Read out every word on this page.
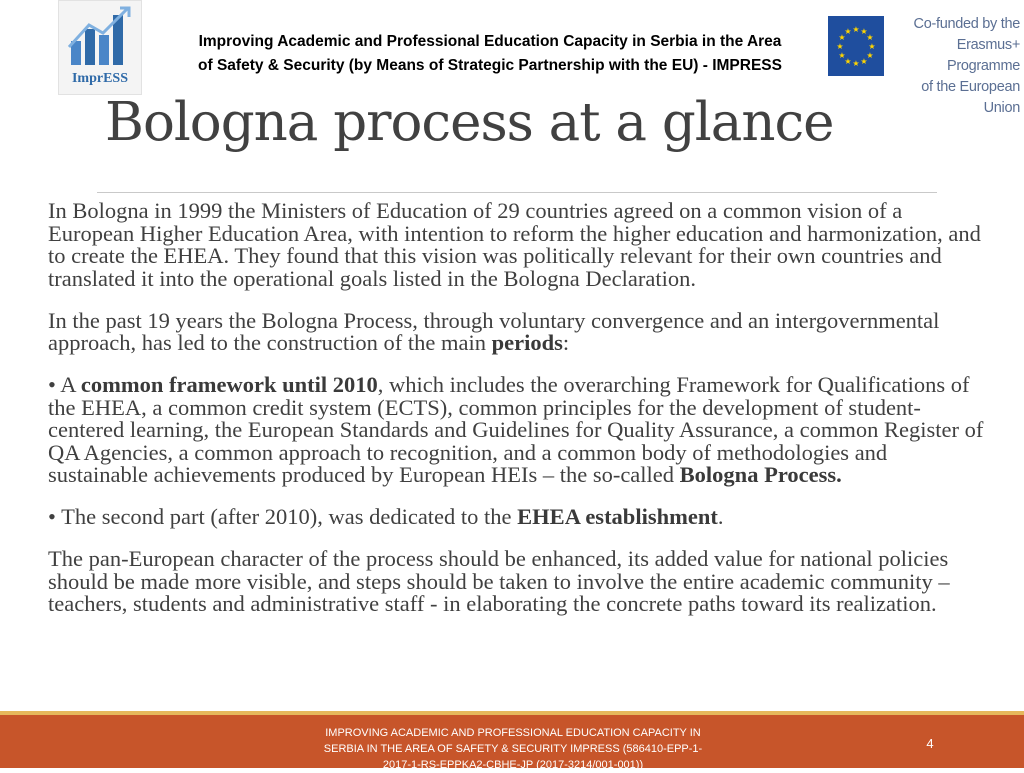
ImprESS
Improving Academic and Professional Education Capacity in Serbia in the Area of Safety & Security (by Means of Strategic Partnership with the EU) - IMPRESS
★ ★
★
★
★
★
★
★
★
★
★
★	Co-funded by the
Erasmus+ Programme
of the European Union
Bologna process at a glance

In Bologna in 1999 the Ministers of Education of 29 countries agreed on a common vision of a European Higher Education Area, with intention to reform the higher education and harmonization, and to create the EHEA. They found that this vision was politically relevant for their own countries and translated it into the operational goals listed in the Bologna Declaration.

In the past 19 years the Bologna Process, through voluntary convergence and an intergovernmental approach, has led to the construction of the main periods:

• A common framework until 2010, which includes the overarching Framework for Qualifications of the EHEA, a common credit system (ECTS), common principles for the development of student-centered learning, the European Standards and Guidelines for Quality Assurance, a common Register of QA Agencies, a common approach to recognition, and a common body of methodologies and sustainable achievements produced by European HEIs – the so-called Bologna Process.

• The second part (after 2010), was dedicated to the EHEA establishment.

The pan-European character of the process should be enhanced, its added value for national policies should be made more visible, and steps should be taken to involve the entire academic community – teachers, students and administrative staff - in elaborating the concrete paths toward its realization.

IMPROVING ACADEMIC AND PROFESSIONAL EDUCATION CAPACITY IN SERBIA IN THE AREA OF SAFETY & SECURITY IMPRESS (586410-EPP-1-2017-1-RS-EPPKA2-CBHE-JP (2017-3214/001-001))
4
